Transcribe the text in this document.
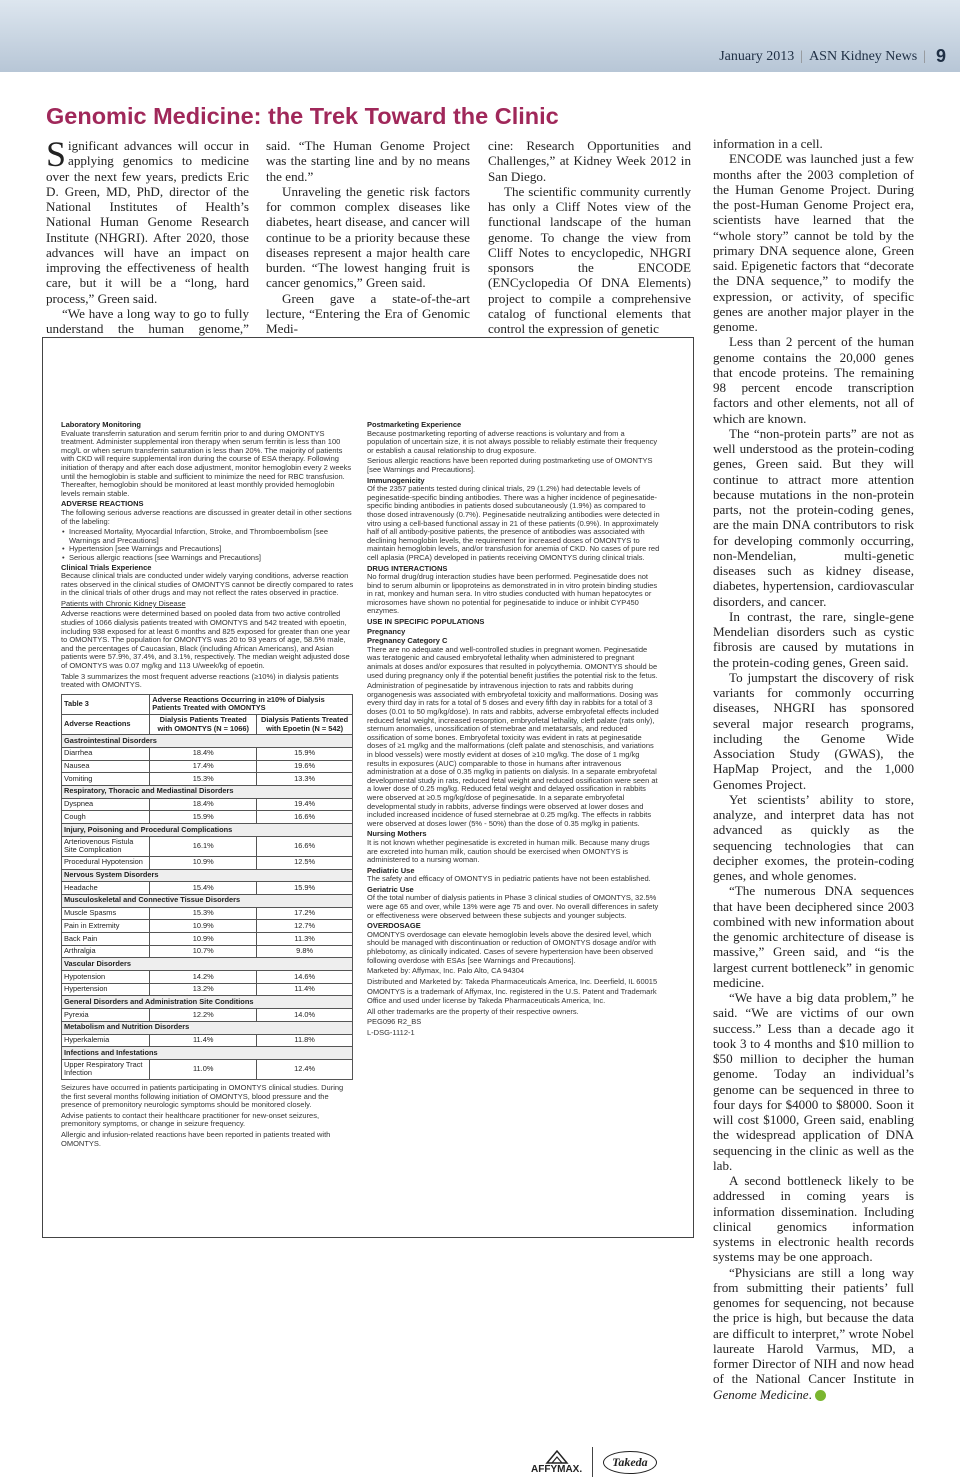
January 2013 | ASN Kidney News | 9
Genomic Medicine: the Trek Toward the Clinic

Significant advances will occur in applying genomics to medicine over the next few years, predicts Eric D. Green, MD, PhD, director of the National Institutes of Health’s National Human Genome Research Institute (NHGRI). After 2020, those advances will have an impact on improving the effectiveness of health care, but it will be a “long, hard process,” Green said.

“We have a long way to go to fully understand the human genome,”

said. “The Human Genome Project was the starting line and by no means the end.”

Unraveling the genetic risk factors for common complex diseases like diabetes, heart disease, and cancer will continue to be a priority because these diseases represent a major health care burden. “The lowest hanging fruit is cancer genomics,” Green said.

Green gave a state-of-the-art lecture, “Entering the Era of Genomic Medi-

cine: Research Opportunities and Challenges,” at Kidney Week 2012 in San Diego.

The scientific community currently has only a Cliff Notes view of the functional landscape of the human genome. To change the view from Cliff Notes to encyclopedic, NHGRI sponsors the ENCODE (ENCyclopedia Of DNA Elements) project to compile a comprehensive catalog of functional elements that control the expression of genetic

information in a cell.

ENCODE was launched just a few months after the 2003 completion of the Human Genome Project. During the post-Human Genome Project era, scientists have learned that the “whole story” cannot be told by the primary DNA sequence alone, Green said. Epigenetic factors that “decorate the DNA sequence,” to modify the expression, or activity, of specific genes are another major player in the genome.

Less than 2 percent of the human genome contains the 20,000 genes that encode proteins. The remaining 98 percent encode transcription factors and other elements, not all of which are known.

The “non-protein parts” are not as well understood as the protein-coding genes, Green said. But they will continue to attract more attention because mutations in the non-protein parts, not the protein-coding genes, are the main DNA contributors to risk for developing commonly occurring, non-Mendelian, multi-genetic diseases such as kidney disease, diabetes, hypertension, cardiovascular disorders, and cancer.

In contrast, the rare, single-gene Mendelian disorders such as cystic fibrosis are caused by mutations in the protein-coding genes, Green said.

To jumpstart the discovery of risk variants for commonly occurring diseases, NHGRI has sponsored several major research programs, including the Genome Wide Association Study (GWAS), the HapMap Project, and the 1,000 Genomes Project.

Yet scientists’ ability to store, analyze, and interpret data has not advanced as quickly as the sequencing technologies that can decipher exomes, the protein-coding genes, and whole genomes.

“The numerous DNA sequences that have been deciphered since 2003 combined with new information about the genomic architecture of disease is massive,” Green said, and “is the largest current bottleneck” in genomic medicine.

“We have a big data problem,” he said. “We are victims of our own success.” Less than a decade ago it took 3 to 4 months and $10 million to $50 million to decipher the human genome. Today an individual’s genome can be sequenced in three to four days for $4000 to $8000. Soon it will cost $1000, Green said, enabling the widespread application of DNA sequencing in the clinic as well as the lab.

A second bottleneck likely to be addressed in coming years is information dissemination. Including clinical genomics information systems in electronic health records systems may be one approach.

“Physicians are still a long way from submitting their patients’ full genomes for sequencing, not because the price is high, but because the data are difficult to interpret,” wrote Nobel laureate Harold Varmus, MD, a former Director of NIH and now head of the National Cancer Institute in Genome Medicine.

Laboratory Monitoring
Evaluate transferrin saturation and serum ferritin prior to and during OMONTYS treatment. Administer supplemental iron therapy when serum ferritin is less than 100 mcg/L or when serum transferrin saturation is less than 20%. The majority of patients with CKD will require supplemental iron during the course of ESA therapy. Following initiation of therapy and after each dose adjustment, monitor hemoglobin every 2 weeks until the hemoglobin is stable and sufficient to minimize the need for RBC transfusion. Thereafter, hemoglobin should be monitored at least monthly provided hemoglobin levels remain stable.
ADVERSE REACTIONS
The following serious adverse reactions are discussed in greater detail in other sections of the labeling:
• Increased Mortality, Myocardial Infarction, Stroke, and Thromboembolism [see Warnings and Precautions]
• Hypertension [see Warnings and Precautions]
• Serious allergic reactions [see Warnings and Precautions]
Clinical Trials Experience
Because clinical trials are conducted under widely varying conditions, adverse reaction rates observed in the clinical studies of OMONTYS cannot be directly compared to rates in the clinical trials of other drugs and may not reflect the rates observed in practice.
Patients with Chronic Kidney Disease
Adverse reactions were determined based on pooled data from two active controlled studies of 1066 dialysis patients treated with OMONTYS and 542 treated with epoetin, including 938 exposed for at least 6 months and 825 exposed for greater than one year to OMONTYS. The population for OMONTYS was 20 to 93 years of age, 58.5% male, and the percentages of Caucasian, Black (including African Americans), and Asian patients were 57.9%, 37.4%, and 3.1%, respectively. The median weight adjusted dose of OMONTYS was 0.07 mg/kg and 113 U/week/kg of epoetin.
Table 3 summarizes the most frequent adverse reactions (≥10%) in dialysis patients treated with OMONTYS.
Table 3	Adverse Reactions Occurring in ≥10% of Dialysis Patients Treated with OMONTYS	
Adverse Reactions	Dialysis Patients Treated with OMONTYS (N = 1066)	Dialysis Patients Treated with Epoetin (N = 542)
Gastrointestinal Disorders		
Diarrhea	18.4%	15.9%
Nausea	17.4%	19.6%
Vomiting	15.3%	13.3%
Respiratory, Thoracic and Mediastinal Disorders		
Dyspnea	18.4%	19.4%
Cough	15.9%	16.6%
Injury, Poisoning and Procedural Complications		
Arteriovenous Fistula Site Complication	16.1%	16.6%
Procedural Hypotension	10.9%	12.5%
Nervous System Disorders		
Headache	15.4%	15.9%
Musculoskeletal and Connective Tissue Disorders		
Muscle Spasms	15.3%	17.2%
Pain in Extremity	10.9%	12.7%
Back Pain	10.9%	11.3%
Arthralgia	10.7%	9.8%
Vascular Disorders		
Hypotension	14.2%	14.6%
Hypertension	13.2%	11.4%
General Disorders and Administration Site Conditions		
Pyrexia	12.2%	14.0%
Metabolism and Nutrition Disorders		
Hyperkalemia	11.4%	11.8%
Infections and Infestations		
Upper Respiratory Tract Infection	11.0%	12.4%
Seizures have occurred in patients participating in OMONTYS clinical studies. During the first several months following initiation of OMONTYS, blood pressure and the presence of premonitory neurologic symptoms should be monitored closely.
Advise patients to contact their healthcare practitioner for new-onset seizures, premonitory symptoms, or change in seizure frequency.
Allergic and infusion-related reactions have been reported in patients treated with OMONTYS.
Postmarketing Experience
Because postmarketing reporting of adverse reactions is voluntary and from a population of uncertain size, it is not always possible to reliably estimate their frequency or establish a causal relationship to drug exposure.
Serious allergic reactions have been reported during postmarketing use of OMONTYS [see Warnings and Precautions].
Immunogenicity
Of the 2357 patients tested during clinical trials, 29 (1.2%) had detectable levels of peginesatide-specific binding antibodies. There was a higher incidence of peginesatide-specific binding antibodies in patients dosed subcutaneously (1.9%) as compared to those dosed intravenously (0.7%). Peginesatide neutralizing antibodies were detected in vitro using a cell-based functional assay in 21 of these patients (0.9%). In approximately half of all antibody-positive patients, the presence of antibodies was associated with declining hemoglobin levels, the requirement for increased doses of OMONTYS to maintain hemoglobin levels, and/or transfusion for anemia of CKD. No cases of pure red cell aplasia (PRCA) developed in patients receiving OMONTYS during clinical trials.
DRUG INTERACTIONS
No formal drug/drug interaction studies have been performed. Peginesatide does not bind to serum albumin or lipoproteins as demonstrated in in vitro protein binding studies in rat, monkey and human sera. In vitro studies conducted with human hepatocytes or microsomes have shown no potential for peginesatide to induce or inhibit CYP450 enzymes.
USE IN SPECIFIC POPULATIONS
Pregnancy
Pregnancy Category C
There are no adequate and well-controlled studies in pregnant women. Peginesatide was teratogenic and caused embryofetal lethality when administered to pregnant animals at doses and/or exposures that resulted in polycythemia. OMONTYS should be used during pregnancy only if the potential benefit justifies the potential risk to the fetus.
Administration of peginesatide by intravenous injection to rats and rabbits during organogenesis was associated with embryofetal toxicity and malformations. Dosing was every third day in rats for a total of 5 doses and every fifth day in rabbits for a total of 3 doses (0.01 to 50 mg/kg/dose). In rats and rabbits, adverse embryofetal effects included reduced fetal weight, increased resorption, embryofetal lethality, cleft palate (rats only), sternum anomalies, unossification of sternebrae and metatarsals, and reduced ossification of some bones. Embryofetal toxicity was evident in rats at peginesatide doses of ≥1 mg/kg and the malformations (cleft palate and stenoschisis, and variations in blood vessels) were mostly evident at doses of ≥10 mg/kg. The dose of 1 mg/kg results in exposures (AUC) comparable to those in humans after intravenous administration at a dose of 0.35 mg/kg in patients on dialysis. In a separate embryofetal developmental study in rats, reduced fetal weight and reduced ossification were seen at a lower dose of 0.25 mg/kg. Reduced fetal weight and delayed ossification in rabbits were observed at ≥0.5 mg/kg/dose of peginesatide. In a separate embryofetal developmental study in rabbits, adverse findings were observed at lower doses and included increased incidence of fused sternebrae at 0.25 mg/kg. The effects in rabbits were observed at doses lower (5% - 50%) than the dose of 0.35 mg/kg in patients.
Nursing Mothers
It is not known whether peginesatide is excreted in human milk. Because many drugs are excreted into human milk, caution should be exercised when OMONTYS is administered to a nursing woman.
Pediatric Use
The safety and efficacy of OMONTYS in pediatric patients have not been established.
Geriatric Use
Of the total number of dialysis patients in Phase 3 clinical studies of OMONTYS, 32.5% were age 65 and over, while 13% were age 75 and over. No overall differences in safety or effectiveness were observed between these subjects and younger subjects.
OVERDOSAGE
OMONTYS overdosage can elevate hemoglobin levels above the desired level, which should be managed with discontinuation or reduction of OMONTYS dosage and/or with phlebotomy, as clinically indicated. Cases of severe hypertension have been observed following overdose with ESAs [see Warnings and Precautions].
Marketed by: Affymax, Inc. Palo Alto, CA 94304
Distributed and Marketed by: Takeda Pharmaceuticals America, Inc. Deerfield, IL 60015
OMONTYS is a trademark of Affymax, Inc. registered in the U.S. Patent and Trademark Office and used under license by Takeda Pharmaceuticals America, Inc.
All other trademarks are the property of their respective owners.
PEG096 R2_BS
L-DSG-1112-1
AFFYMAX.
Takeda
